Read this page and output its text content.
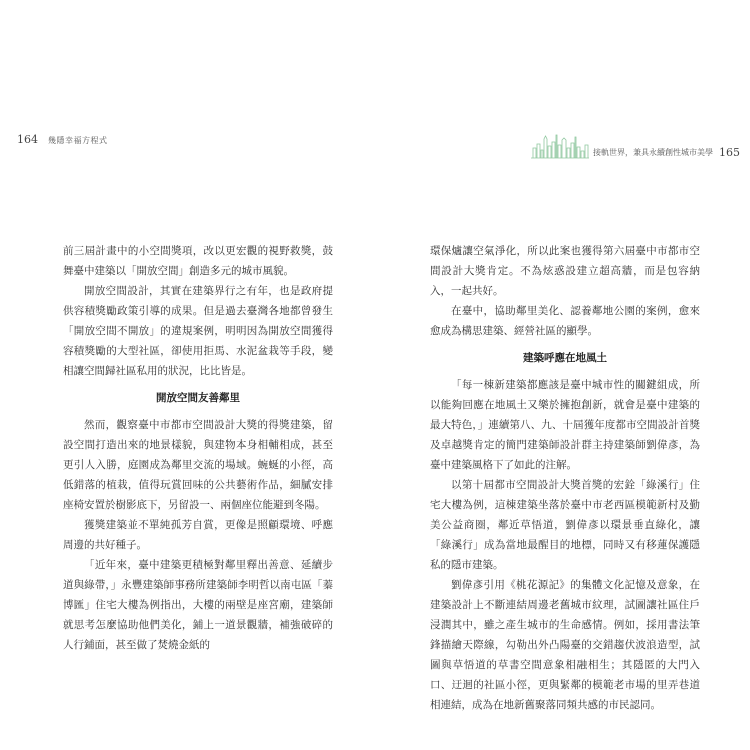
164 幾隱幸福方程式

前三屆計畫中的小空間獎項，改以更宏觀的視野救獎，鼓舞臺中建築以「開放空間」創造多元的城市風貌。

開放空間設計，其實在建築界行之有年，也是政府提供容積獎勵政策引導的成果。但是過去臺灣各地都曾發生「開放空間不開放」的違規案例，明明因為開放空間獲得容積獎勵的大型社區，卻使用拒馬、水泥盆栽等手段，變相讓空間歸社區私用的狀況，比比皆是。

開放空間友善鄰里

然而，觀察臺中市都市空間設計大獎的得獎建築，留設空間打造出來的地景樣貌，與建物本身相輔相成，甚至更引人入勝，庭園成為鄰里交流的場域。蜿蜒的小徑，高低錯落的植栽，值得玩賞回味的公共藝術作品，細膩安排座椅安置於樹影底下，另留設一、兩個座位能避到冬陽。

獲獎建築並不單純孤芳自賞，更像是照顧環境、呼應周邊的共好種子。

「近年來，臺中建築更積極對鄰里釋出善意、延續步道與綠帶，」永豐建築師事務所建築師李明哲以南屯區「蓁博匯」住宅大樓為例指出，大樓的兩壁是座宮廟，建築師就思考怎麼協助他們美化，鋪上一道景觀牆，補強破碎的人行鋪面，甚至做了焚燒金紙的

接軌世界，兼具永續創性城市美學 165

環保爐讓空氣淨化，所以此案也獲得第六屆臺中市都市空間設計大獎肯定。不為炫惑設建立超高牆，而是包容納入，一起共好。

在臺中，協助鄰里美化、認養鄰地公園的案例，愈來愈成為構思建築、經營社區的顯學。

建築呼應在地風土

「每一棟新建築都應該是臺中城市性的關鍵組成，所以能夠回應在地風土又樂於擁抱創新，就會是臺中建築的最大特色，」連續第八、九、十屆獲年度都市空間設計首獎及卓越獎肯定的簡門建築師設計群主持建築師劉偉彥，為臺中建築風格下了如此的注解。

以第十屆都市空間設計大獎首獎的宏銓「綠溪行」住宅大樓為例，這棟建築坐落於臺中市老西區模範新村及勤美公益商圈，鄰近草悟道，劉偉彥以環景垂直綠化，讓「綠溪行」成為當地最醒目的地標，同時又有移蓮保護隱私的隱市建築。

劉偉彥引用《桃花源記》的集體文化記憶及意象，在建築設計上不斷連結周邊老舊城市紋理，試圖讓社區住戶浸潤其中，雖之產生城市的生命感情。例如，採用書法筆鋒描繪天際線，勾勒出外凸陽臺的交錯趨伏波浪造型，試圖與草悟道的草書空間意象相融相生；其隱匿的大門入口、迂迴的社區小徑，更與緊鄰的模範老市場的里弄巷道相連結，成為在地新舊聚落同頻共感的市民認同。
